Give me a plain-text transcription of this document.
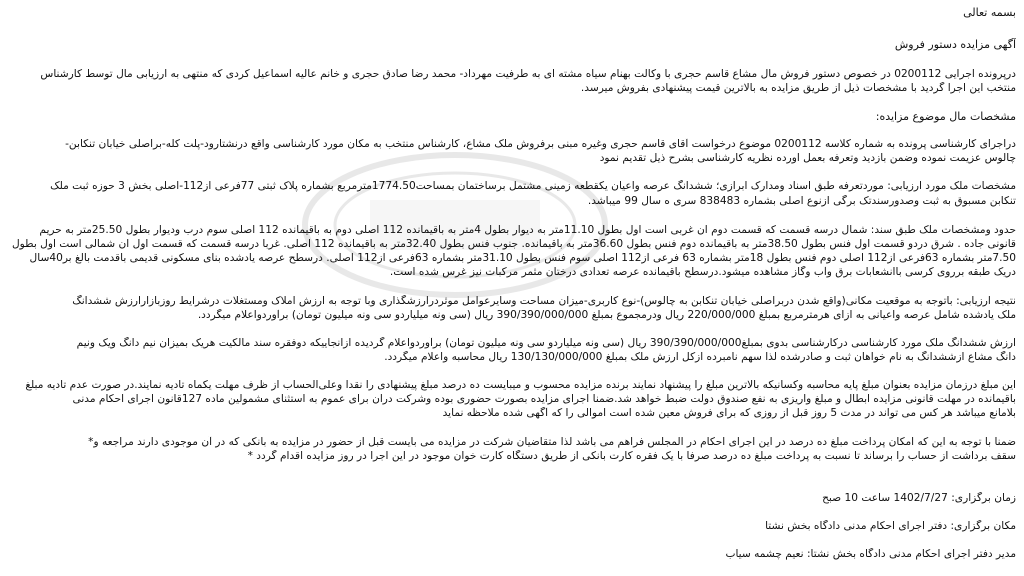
بسمه تعالی
آگهی مزایده دستور فروش
درپرونده اجرایی 0200112 در خصوص دستور فروش مال مشاع قاسم حجری با وکالت بهنام سیاه مشته ای به طرفیت مهرداد- محمد رضا صادق حجری و خانم عالیه اسماعیل کردی که منتهی به ارزیابی مال توسط کارشناس
منتخب این اجرا گردید با مشخصات ذیل از طریق مزایده به بالاترین قیمت پیشنهادی بفروش میرسد.
مشخصات مال موضوع مزایده:
دراجرای کارشناسی پرونده به شماره کلاسه 0200112 موضوع درخواست آقای قاسم حجری وغیره مبنی برفروش ملک مشاع، کارشناس منتخب به مکان مورد کارشناسی واقع درنشتارود-پلت کله-براصلی خیابان تنکابن-
چالوس عزیمت نموده وضمن بازدید وتعرفه بعمل اورده نظریه کارشناسی بشرح ذیل تقدیم نمود
مشخصات ملک مورد ارزیابی: موردتعرفه طبق اسناد ومدارک ابرازی؛ ششدانگ عرصه واعیان یکقطعه زمینی مشتمل برساختمان بمساحت1774.50مترمربع بشماره پلاک ثبتی 77فرعی از112-اصلی بخش 3 حوزه ثبت ملک
تنکابن مسبوق به ثبت وصدورسندتک برگی ازنوع اصلی بشماره 838483 سری ه سال 99 میباشد.
حدود ومشخصات ملک طبق سند: شمال درسه قسمت که قسمت دوم ان غربی است اول بطول 11.10متر به دیوار بطول 4متر به باقیمانده 112 اصلی دوم به باقیمانده 112 اصلی سوم درب ودیوار بطول 25.50متر به حریم
قانونی جاده . شرق دردو قسمت اول فنس بطول 38.50متر به باقیمانده دوم فنس بطول 36.60متر به باقیمانده. جنوب فنس بطول 32.40متر به باقیمانده 112 اصلی. غربا درسه قسمت که قسمت اول ان شمالی است اول بطول
7.50متر بشماره 63فرعی از112 اصلی دوم فنس بطول 18متر بشماره 63 فرعی از112 اصلی سوم فنس بطول 31.10متر بشماره 63فرعی از112 اصلی. درسطح عرصه یادشده بنای مسکونی قدیمی باقدمت بالغ بر40سال
دریک طبقه برروی کرسی باانشعابات برق وآب وگاز مشاهده میشود.درسطح باقیمانده عرصه تعدادی درختان مثمر مرکبات نیز غرس شده است.
نتیجه ارزیابی: باتوجه به موقعیت مکانی(واقع شدن دربراصلی خیابان تنکابن به چالوس)-نوع کاربری-میزان مساحت وسایرعوامل موثردرارزشگذاری وبا توجه به ارزش املاک ومستغلات درشرایط روزبازارارزش ششدانگ
ملک یادشده شامل عرصه واعیانی به ازای هرمترمربع بمبلغ 220/000/000 ریال ودرمجموع بمبلغ 390/390/000/000 ریال (سی ونه میلیاردو سی ونه میلیون تومان) برآوردواعلام میگردد.
ارزش ششدانگ ملک مورد کارشناسی درکارشناسی بدوی بمبلغ390/390/000/000 ریال (سی ونه میلیاردو سی ونه میلیون تومان) برآوردواعلام گردیده ازانجاییکه دوفقره سند مالکیت هریک بمیزان نیم دانگ ویک ونیم
دانگ مشاع ازششدانگ به نام خواهان ثبت و صادرشده لذا سهم نامبرده ازکل ارزش ملک بمبلغ 130/130/000/000 ریال محاسبه واعلام میگردد.
این مبلغ درزمان مزایده بعنوان مبلغ پایه محاسبه وکسانیکه بالاترین مبلغ را پیشنهاد نمایند برنده مزایده محسوب و میبایست ده درصد مبلغ پیشنهادی را نقدا وعلی‌الحساب از ظرف مهلت یکماه تادیه نمایند.در صورت عدم تادیه مبلغ
باقیمانده در مهلت قانونی مزایده ابطال و مبلغ واریزی به نفع صندوق دولت ضبط خواهد شد.ضمنا اجرای مزایده بصورت حضوری بوده وشرکت دران برای عموم به استثنای مشمولین ماده 127قانون اجرای احکام مدنی
بلامانع میباشد هر کس می تواند در مدت 5 روز قبل از روزی که برای فروش معین شده است اموالی را که آگهی شده ملاحظه نماید
ضمنا با توجه به این که امکان پرداخت مبلغ ده درصد در این اجرای احکام در المجلس فراهم می باشد لذا متقاضیان شرکت در مزایده می بایست قبل از حضور در مزایده به بانکی که در آن موجودی دارند مراجعه و*
سقف برداشت از حساب را برساند تا نسبت به پرداخت مبلغ ده درصد صرفا با یک فقره کارت بانکی از طریق دستگاه کارت خوان موجود در این اجرا در روز مزایده اقدام گردد *
زمان برگزاری: 1402/7/27 ساعت 10 صبح
مکان برگزاری: دفتر اجرای احکام مدنی دادگاه بخش نشتا
مدیر دفتر اجرای احکام مدنی دادگاه بخش نشتا: نعیم چشمه سیاب
